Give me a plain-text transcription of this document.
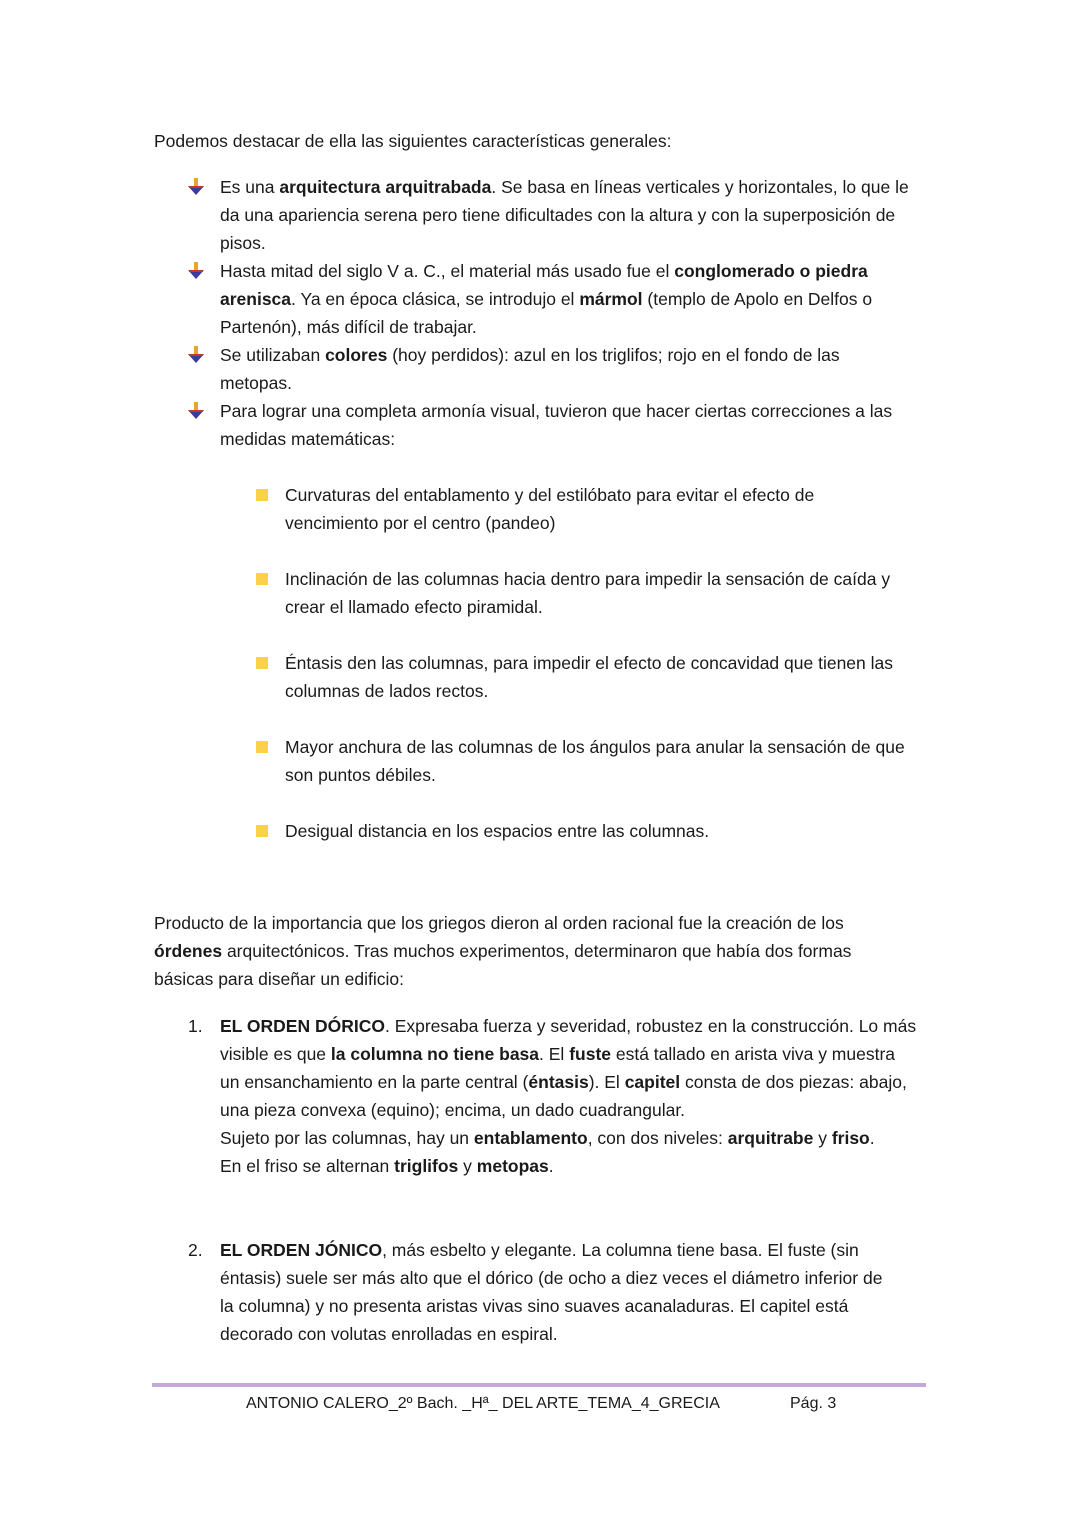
Podemos destacar de ella las siguientes características generales:
Es una arquitectura arquitrabada. Se basa en líneas verticales y horizontales, lo que le
da una apariencia serena pero tiene dificultades con la altura y con la superposición de
pisos.
Hasta mitad del siglo V a. C., el material más usado fue el conglomerado o piedra
arenisca. Ya en época clásica, se introdujo el mármol (templo de Apolo en Delfos o
Partenón), más difícil de trabajar.
Se utilizaban colores (hoy perdidos): azul en los triglifos; rojo en el fondo de las
metopas.
Para lograr una completa armonía visual, tuvieron que hacer ciertas correcciones a las
medidas matemáticas:
Curvaturas del entablamento y del estilóbato para evitar el efecto de
vencimiento por el centro (pandeo)
Inclinación de las columnas hacia dentro para impedir la sensación de caída y
crear el llamado efecto piramidal.
Éntasis den las columnas, para impedir el efecto de concavidad que tienen las
columnas de lados rectos.
Mayor anchura de las columnas de los ángulos para anular la sensación de que
son puntos débiles.
Desigual distancia en los espacios entre las columnas.
Producto de la importancia que los griegos dieron al orden racional fue la creación de los
órdenes arquitectónicos. Tras muchos experimentos, determinaron que había dos formas
básicas para diseñar un edificio:
1. EL ORDEN DÓRICO. Expresaba fuerza y severidad, robustez en la construcción. Lo más
visible es que la columna no tiene basa. El fuste está tallado en arista viva y muestra
un ensanchamiento en la parte central (éntasis). El capitel consta de dos piezas: abajo,
una pieza convexa (equino); encima, un dado cuadrangular.
Sujeto por las columnas, hay un entablamento, con dos niveles: arquitrabe y friso.
En el friso se alternan triglifos y metopas.
2. EL ORDEN JÓNICO, más esbelto y elegante. La columna tiene basa. El fuste (sin
éntasis) suele ser más alto que el dórico (de ocho a diez veces el diámetro inferior de
la columna) y no presenta aristas vivas sino suaves acanaladuras. El capitel está
decorado con volutas enrolladas en espiral.
ANTONIO CALERO_2º Bach. _Hª_ DEL ARTE_TEMA_4_GRECIA	Pág. 3
